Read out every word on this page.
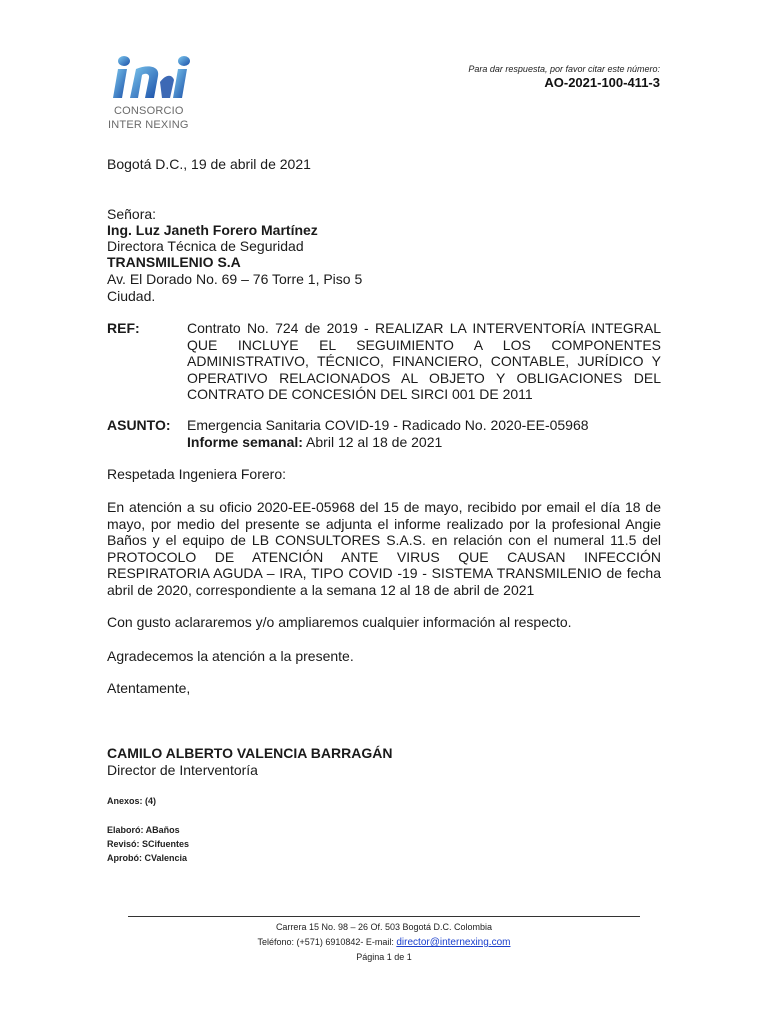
CONSORCIO
INTER NEXING
Para dar respuesta, por favor citar este número:
AO-2021-100-411-3
Bogotá D.C., 19 de abril de 2021
Señora:
Ing. Luz Janeth Forero Martínez
Directora Técnica de Seguridad
TRANSMILENIO S.A
Av. El Dorado No. 69 – 76 Torre 1, Piso 5
Ciudad.
REF:	Contrato No. 724 de 2019 - REALIZAR LA INTERVENTORÍA INTEGRAL QUE INCLUYE EL SEGUIMIENTO A LOS COMPONENTES ADMINISTRATIVO, TÉCNICO, FINANCIERO, CONTABLE, JURÍDICO Y OPERATIVO RELACIONADOS AL OBJETO Y OBLIGACIONES DEL CONTRATO DE CONCESIÓN DEL SIRCI 001 DE 2011
ASUNTO: Emergencia Sanitaria COVID-19 - Radicado No. 2020-EE-05968
Informe semanal: Abril 12 al 18 de 2021
Respetada Ingeniera Forero:
En atención a su oficio 2020-EE-05968 del 15 de mayo, recibido por email el día 18 de mayo, por medio del presente se adjunta el informe realizado por la profesional Angie Baños y el equipo de LB CONSULTORES S.A.S. en relación con el numeral 11.5 del PROTOCOLO DE ATENCIÓN ANTE VIRUS QUE CAUSAN INFECCIÓN RESPIRATORIA AGUDA – IRA, TIPO COVID -19 - SISTEMA TRANSMILENIO de fecha abril de 2020, correspondiente a la semana 12 al 18 de abril de 2021
Con gusto aclararemos y/o ampliaremos cualquier información al respecto.
Agradecemos la atención a la presente.
Atentamente,
CAMILO ALBERTO VALENCIA BARRAGÁN
Director de Interventoría
Anexos: (4)
Elaboró: ABaños
Revisó: SCifuentes
Aprobó: CValencia
Carrera 15 No. 98 – 26 Of. 503 Bogotá D.C. Colombia
Teléfono: (+571) 6910842- E-mail: director@internexing.com
Página 1 de 1
